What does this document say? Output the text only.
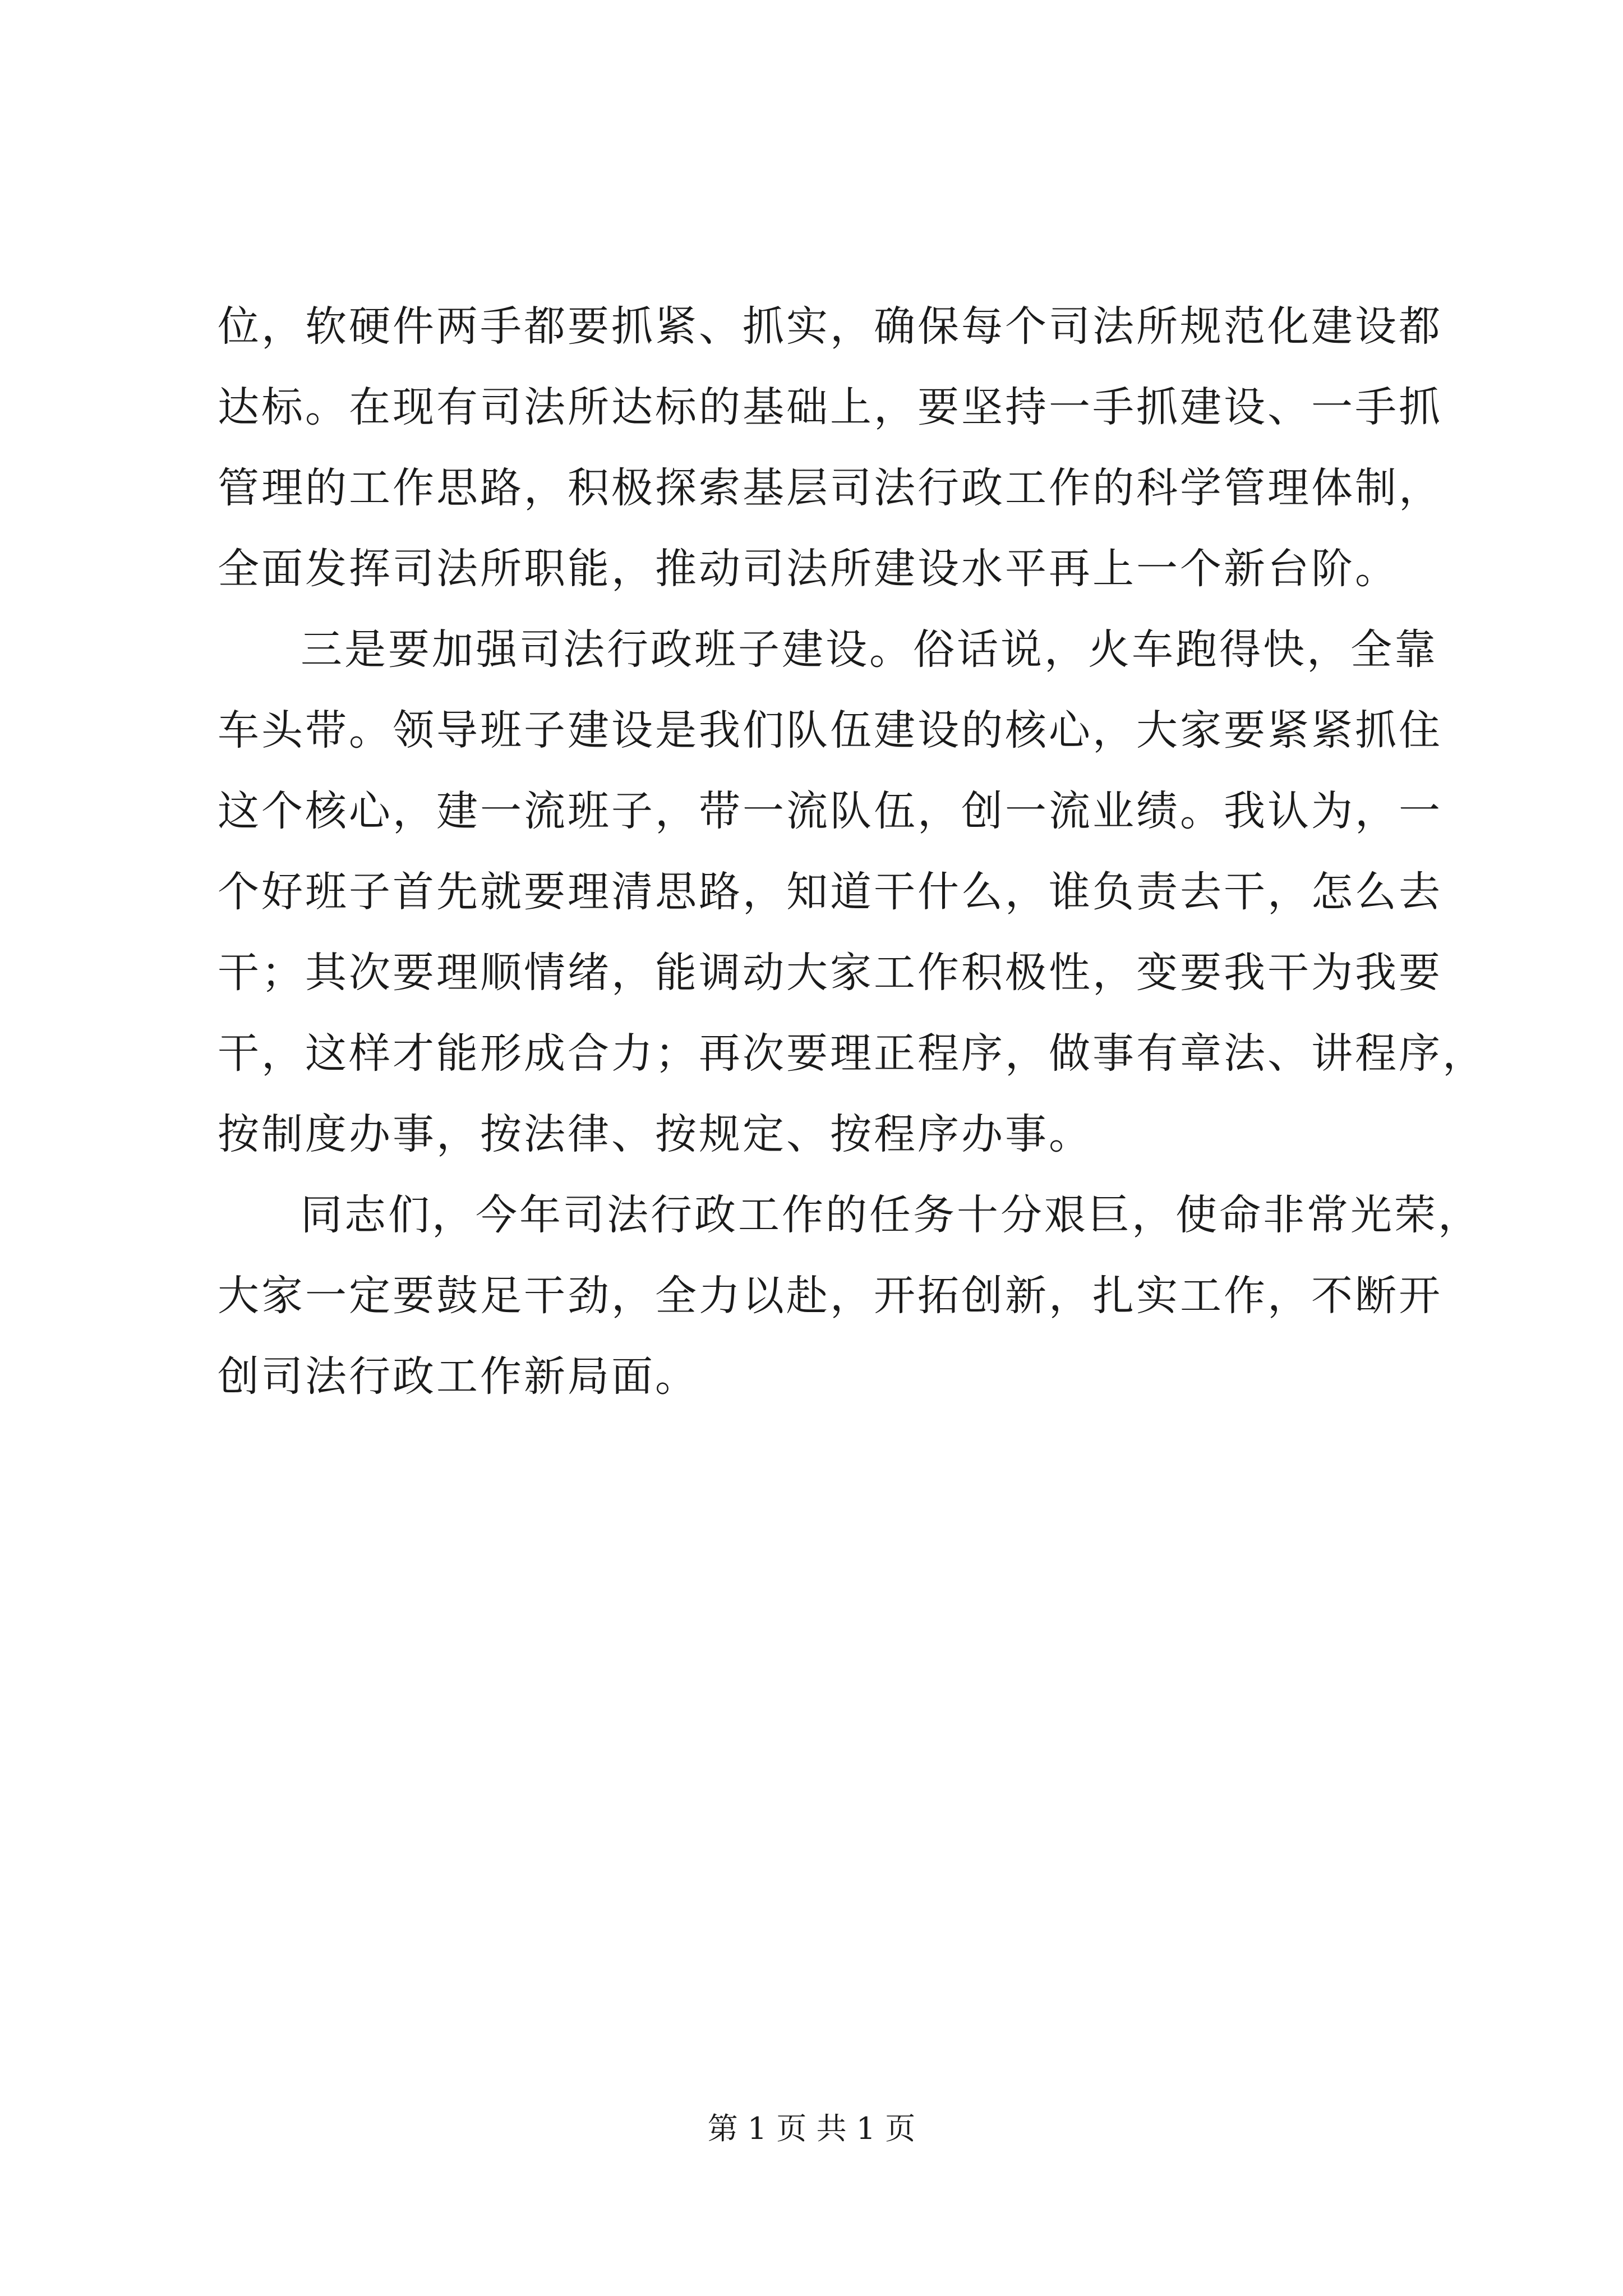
位，软硬件两手都要抓紧、抓实，确保每个司法所规范化建设都
达标。在现有司法所达标的基础上，要坚持一手抓建设、一手抓
管理的工作思路，积极探索基层司法行政工作的科学管理体制，
全面发挥司法所职能，推动司法所建设水平再上一个新台阶。
三是要加强司法行政班子建设。俗话说，火车跑得快，全靠
车头带。领导班子建设是我们队伍建设的核心，大家要紧紧抓住
这个核心，建一流班子，带一流队伍，创一流业绩。我认为，一
个好班子首先就要理清思路，知道干什么，谁负责去干，怎么去
干；其次要理顺情绪，能调动大家工作积极性，变要我干为我要
干，这样才能形成合力；再次要理正程序，做事有章法、讲程序，
按制度办事，按法律、按规定、按程序办事。
同志们，今年司法行政工作的任务十分艰巨，使命非常光荣，
大家一定要鼓足干劲，全力以赴，开拓创新，扎实工作，不断开
创司法行政工作新局面。
第 1 页 共 1 页
